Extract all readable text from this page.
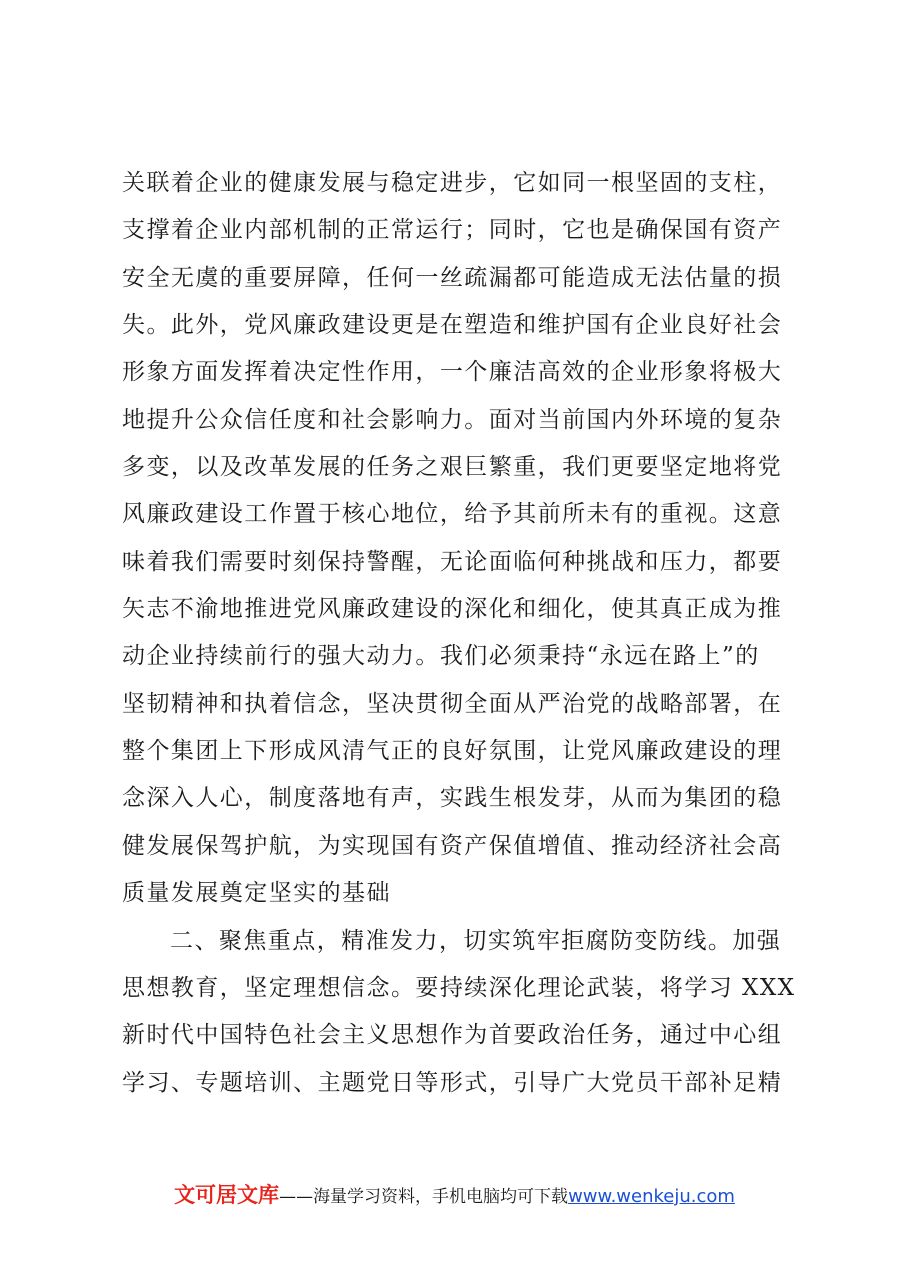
关联着企业的健康发展与稳定进步，它如同一根坚固的支柱，
支撑着企业内部机制的正常运行；同时，它也是确保国有资产
安全无虞的重要屏障，任何一丝疏漏都可能造成无法估量的损
失。此外，党风廉政建设更是在塑造和维护国有企业良好社会
形象方面发挥着决定性作用，一个廉洁高效的企业形象将极大
地提升公众信任度和社会影响力。面对当前国内外环境的复杂
多变，以及改革发展的任务之艰巨繁重，我们更要坚定地将党
风廉政建设工作置于核心地位，给予其前所未有的重视。这意
味着我们需要时刻保持警醒，无论面临何种挑战和压力，都要
矢志不渝地推进党风廉政建设的深化和细化，使其真正成为推
动企业持续前行的强大动力。我们必须秉持“永远在路上”的
坚韧精神和执着信念，坚决贯彻全面从严治党的战略部署，在
整个集团上下形成风清气正的良好氛围，让党风廉政建设的理
念深入人心，制度落地有声，实践生根发芽，从而为集团的稳
健发展保驾护航，为实现国有资产保值增值、推动经济社会高
质量发展奠定坚实的基础
二、聚焦重点，精准发力，切实筑牢拒腐防变防线。加强
思想教育，坚定理想信念。要持续深化理论武装，将学习 XXX
新时代中国特色社会主义思想作为首要政治任务，通过中心组
学习、专题培训、主题党日等形式，引导广大党员干部补足精
文可居文库——海量学习资料，手机电脑均可下载www.wenkeju.com
